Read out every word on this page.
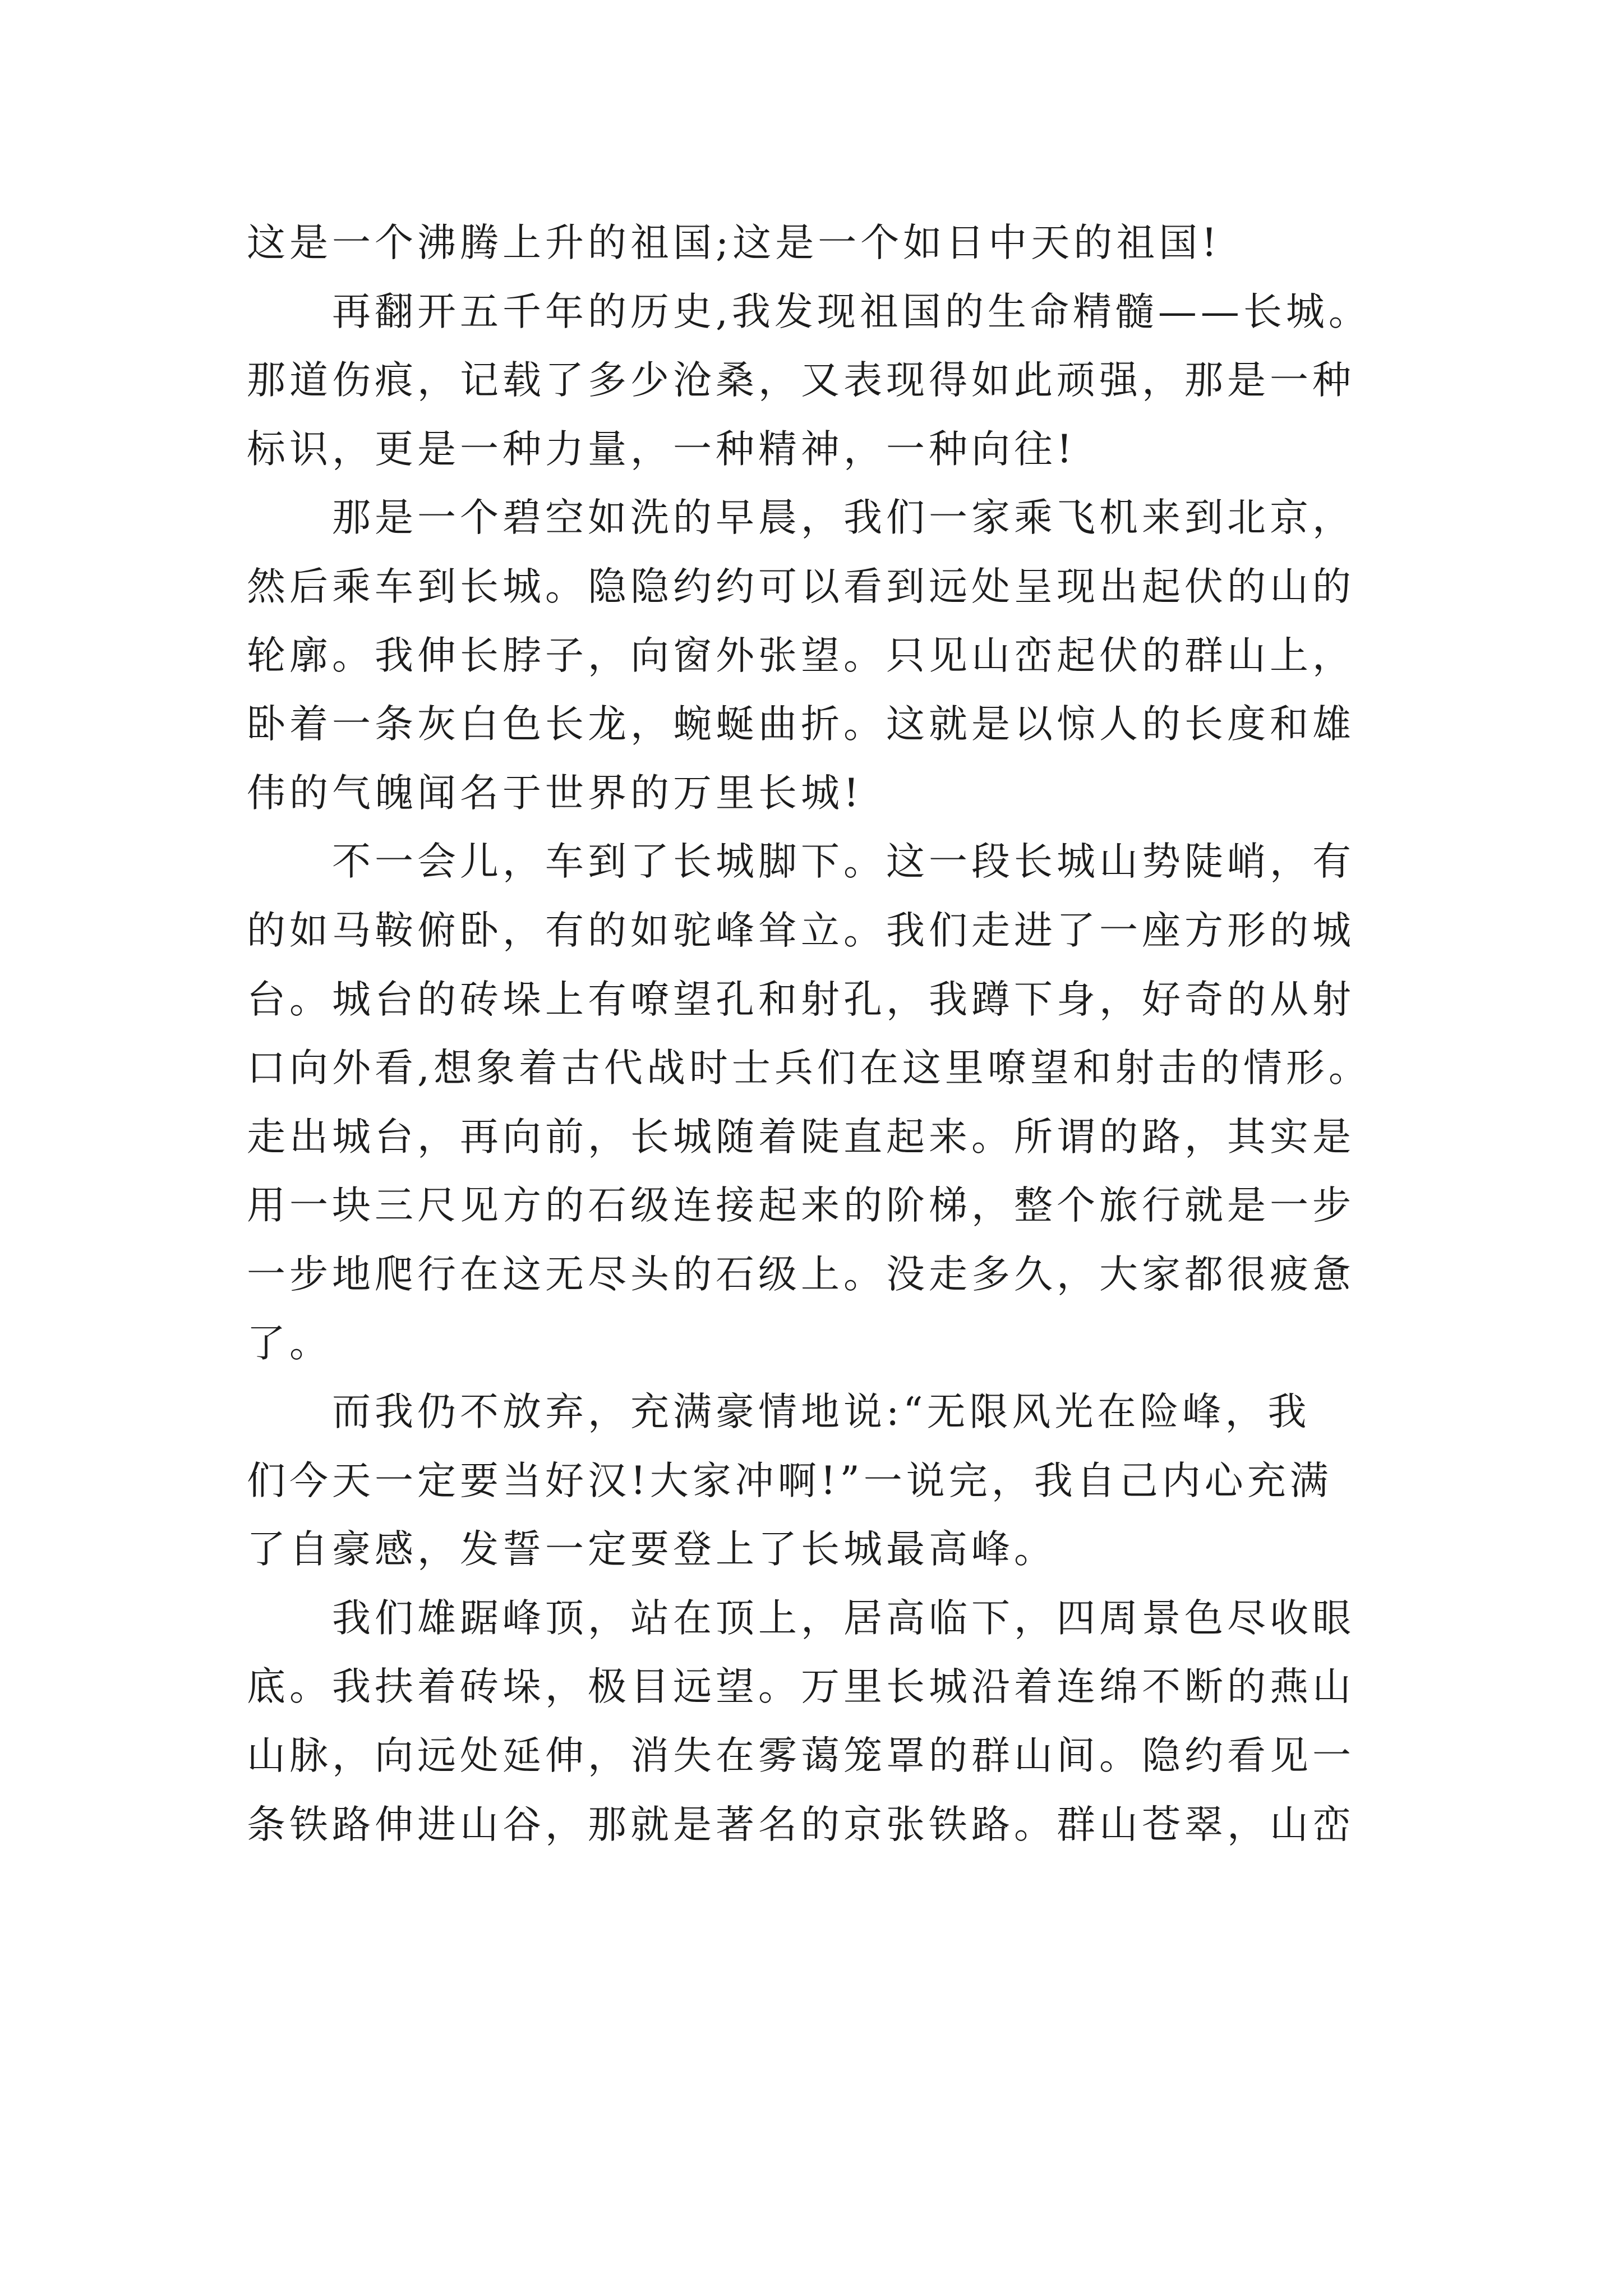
这是一个沸腾上升的祖国;这是一个如日中天的祖国!
　　再翻开五千年的历史,我发现祖国的生命精髓——长城。
那道伤痕，记载了多少沧桑，又表现得如此顽强，那是一种
标识，更是一种力量，一种精神，一种向往!
　　那是一个碧空如洗的早晨，我们一家乘飞机来到北京，
然后乘车到长城。隐隐约约可以看到远处呈现出起伏的山的
轮廓。我伸长脖子，向窗外张望。只见山峦起伏的群山上，
卧着一条灰白色长龙，蜿蜒曲折。这就是以惊人的长度和雄
伟的气魄闻名于世界的万里长城!
　　不一会儿，车到了长城脚下。这一段长城山势陡峭，有
的如马鞍俯卧，有的如驼峰耸立。我们走进了一座方形的城
台。城台的砖垛上有嘹望孔和射孔，我蹲下身，好奇的从射
口向外看,想象着古代战时士兵们在这里嘹望和射击的情形。
走出城台，再向前，长城随着陡直起来。所谓的路，其实是
用一块三尺见方的石级连接起来的阶梯，整个旅行就是一步
一步地爬行在这无尽头的石级上。没走多久，大家都很疲惫
了。
　　而我仍不放弃，充满豪情地说:“无限风光在险峰，我
们今天一定要当好汉!大家冲啊!”一说完，我自己内心充满
了自豪感，发誓一定要登上了长城最高峰。
　　我们雄踞峰顶，站在顶上，居高临下，四周景色尽收眼
底。我扶着砖垛，极目远望。万里长城沿着连绵不断的燕山
山脉，向远处延伸，消失在雾蔼笼罩的群山间。隐约看见一
条铁路伸进山谷，那就是著名的京张铁路。群山苍翠，山峦
